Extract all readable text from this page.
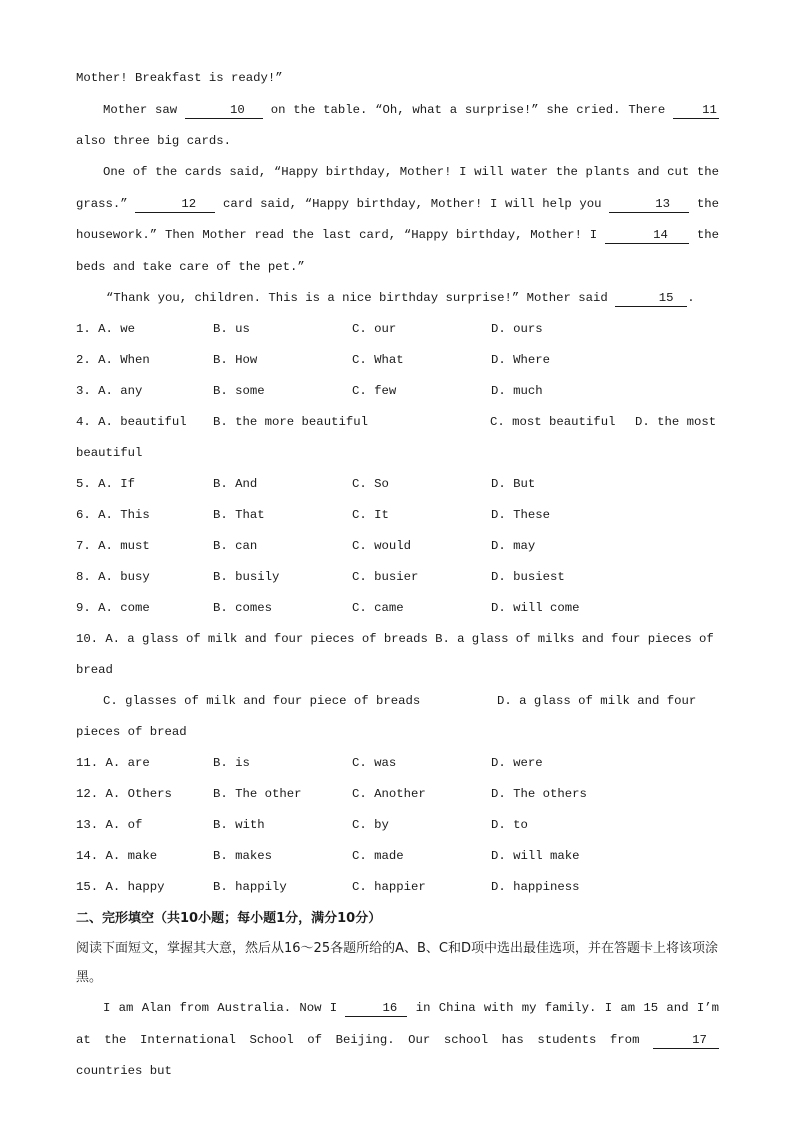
Mother! Breakfast is ready!”

Mother saw	10 on the table. “Oh, what a surprise!” she cried. There 11 also three big cards.

One of the cards said, “Happy birthday, Mother! I will water the plants and cut the grass.”	12 card said, “Happy birthday, Mother! I will help you	13 the housework.” Then Mother read the last card, “Happy birthday, Mother! I	14 the beds and take care of the pet.”

“Thank you, children. This is a nice birthday surprise!” Mother said	15 .

1. A. we	B. us	C. our	D. ours
2. A. When	B. How	C. What	D. Where
3. A. any	B. some	C. few	D. much
4. A. beautiful	B. the more beautiful	C. most beautiful	D. the most
beautiful
5. A. If	B. And	C. So	D. But
6. A. This	B. That	C. It	D. These
7. A. must	B. can	C. would	D. may
8. A. busy	B. busily	C. busier	D. busiest
9. A. come	B. comes	C. came	D. will come
10. A. a glass of milk and four pieces of breads B. a glass of milks and four pieces of
bread
C. glasses of milk and four piece of breads	D. a glass of milk and four
pieces of bread
11. A. are	B. is	C. was	D. were
12. A. Others	B. The other	C. Another	D. The others
13. A. of	B. with	C. by	D. to
14. A. make	B. makes	C. made	D. will make
15. A. happy	B. happily	C. happier	D. happiness

二、完形填空（共10小题；每小题1分，满分10分）

阅读下面短文，掌握其大意，然后从16～25各题所给的A、B、C和D项中选出最佳选项，并在答题卡上将该项涂黑。

I am Alan from Australia. Now I	16 in China with my family. I am 15 and I’m at the International School of Beijing. Our school has students from	17 countries but
